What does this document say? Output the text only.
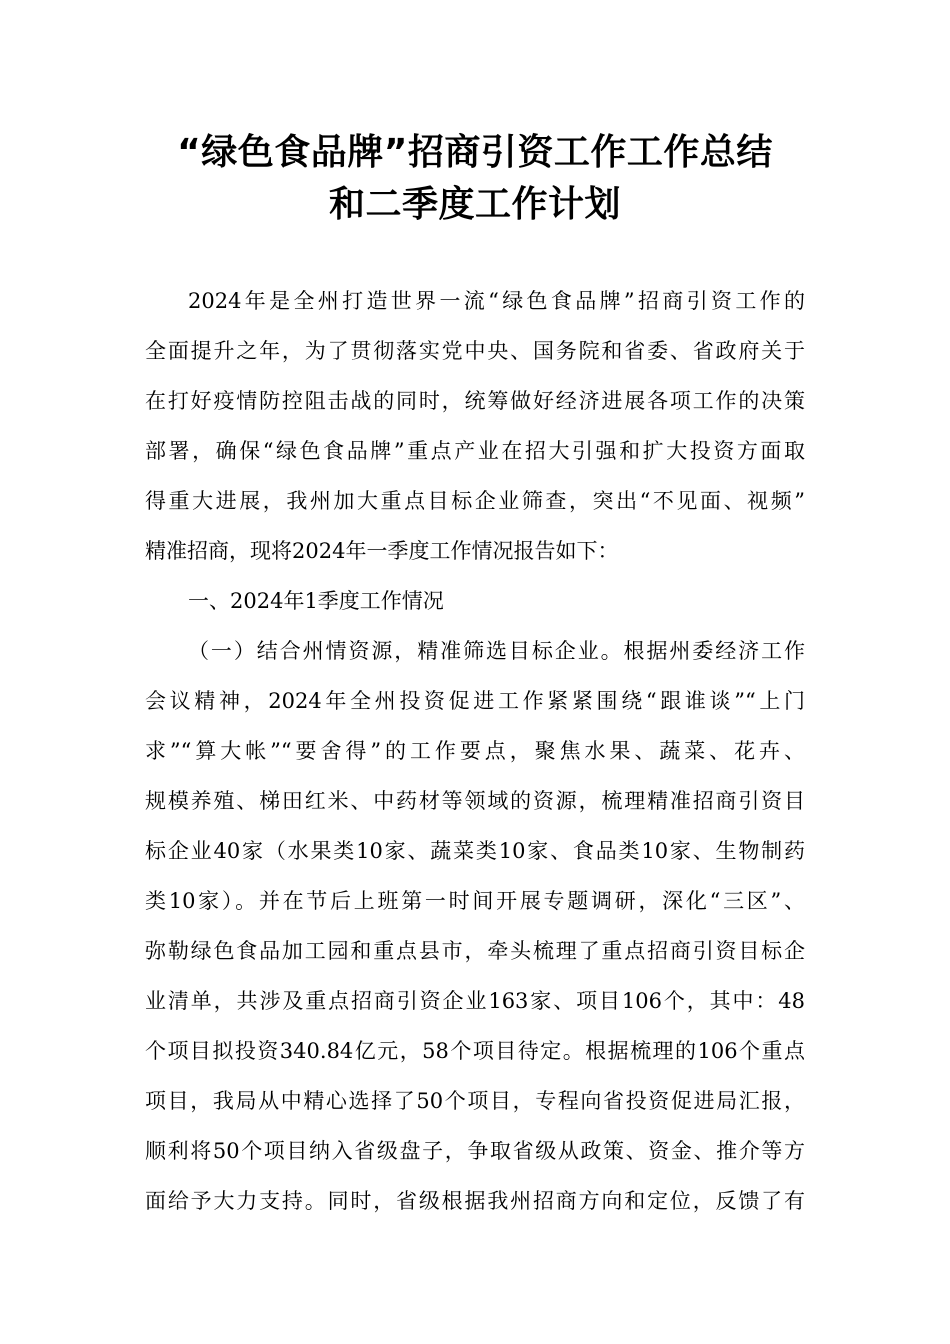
“绿色食品牌”招商引资工作工作总结
和二季度工作计划

2024年是全州打造世界一流“绿色食品牌”招商引资工作的

全面提升之年，为了贯彻落实党中央、国务院和省委、省政府关于

在打好疫情防控阻击战的同时，统筹做好经济进展各项工作的决策

部署，确保“绿色食品牌”重点产业在招大引强和扩大投资方面取

得重大进展，我州加大重点目标企业筛查，突出“不见面、视频”

精准招商，现将2024年一季度工作情况报告如下：

一、2024年1季度工作情况

（一）结合州情资源，精准筛选目标企业。根据州委经济工作

会议精神，2024年全州投资促进工作紧紧围绕“跟谁谈”“上门

求”“算大帐”“要舍得”的工作要点，聚焦水果、蔬菜、花卉、

规模养殖、梯田红米、中药材等领域的资源，梳理精准招商引资目

标企业40家（水果类10家、蔬菜类10家、食品类10家、生物制药

类10家）。并在节后上班第一时间开展专题调研，深化“三区”、

弥勒绿色食品加工园和重点县市，牵头梳理了重点招商引资目标企

业清单，共涉及重点招商引资企业163家、项目106个，其中：48

个项目拟投资340.84亿元，58个项目待定。根据梳理的106个重点

项目，我局从中精心选择了50个项目，专程向省投资促进局汇报，

顺利将50个项目纳入省级盘子，争取省级从政策、资金、推介等方

面给予大力支持。同时，省级根据我州招商方向和定位，反馈了有
